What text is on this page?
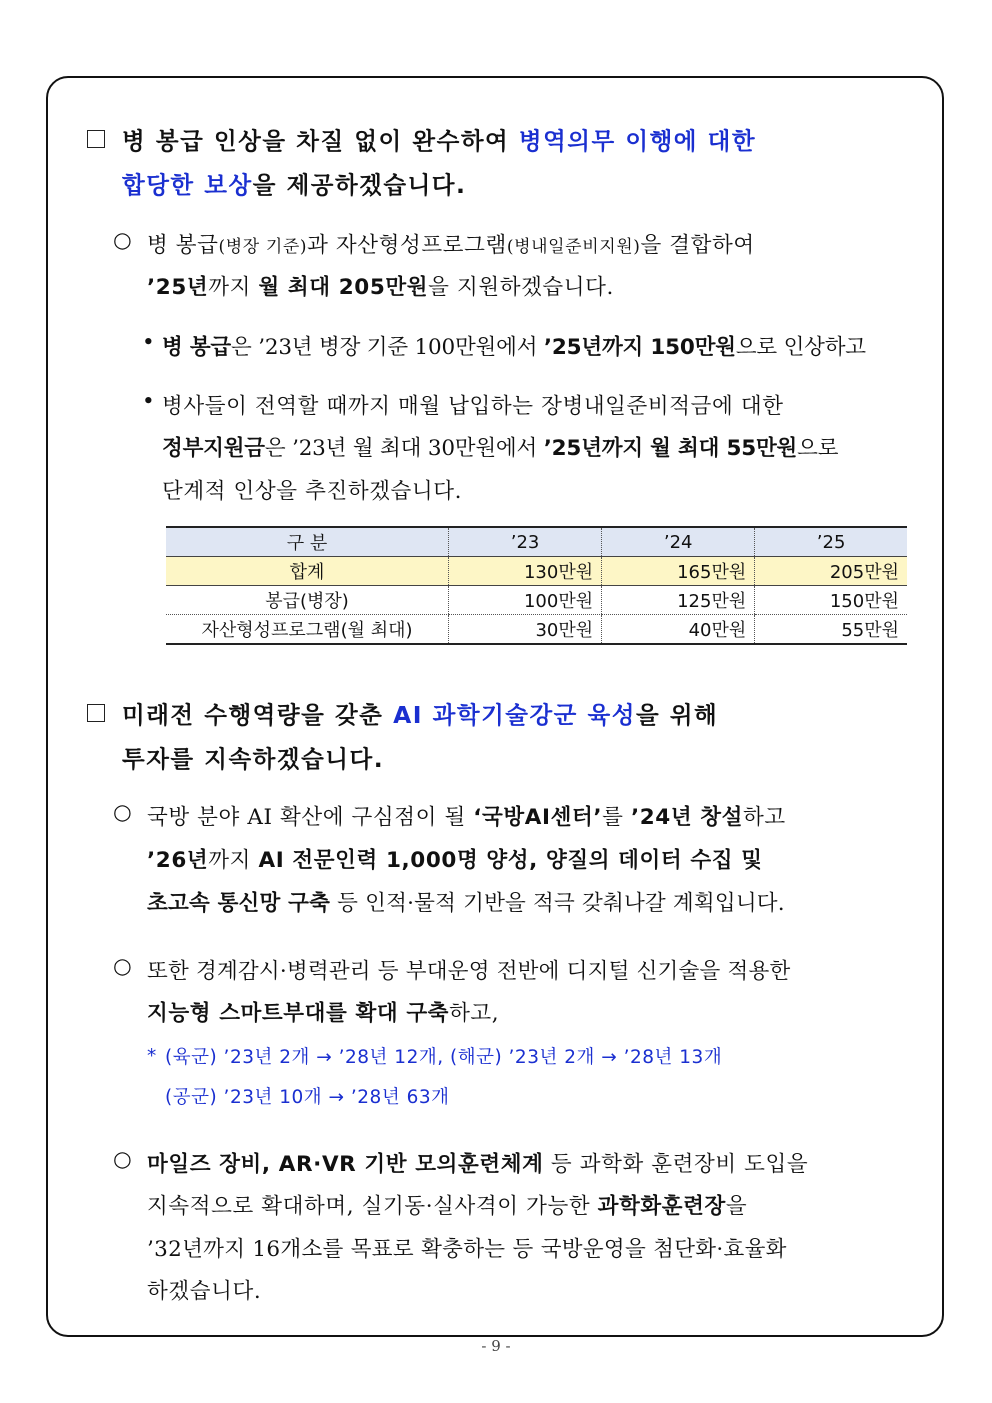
병 봉급 인상을 차질 없이 완수하여 병역의무 이행에 대한
합당한 보상을 제공하겠습니다.
○ 병 봉급(병장 기준)과 자산형성프로그램(병내일준비지원)을 결합하여
’25년까지 월 최대 205만원을 지원하겠습니다.
• 병 봉급은 ’23년 병장 기준 100만원에서 ’25년까지 150만원으로 인상하고
• 병사들이 전역할 때까지 매월 납입하는 장병내일준비적금에 대한
정부지원금은 ’23년 월 최대 30만원에서 ’25년까지 월 최대 55만원으로
단계적 인상을 추진하겠습니다.
구 분	’23	’24	’25
합계	130만원	165만원	205만원
봉급(병장)	100만원	125만원	150만원
자산형성프로그램(월 최대)	30만원	40만원	55만원
미래전 수행역량을 갖춘 AI 과학기술강군 육성을 위해
투자를 지속하겠습니다.
○ 국방 분야 AI 확산에 구심점이 될 ‘국방AI센터’를 ’24년 창설하고
’26년까지 AI 전문인력 1,000명 양성, 양질의 데이터 수집 및
초고속 통신망 구축 등 인적·물적 기반을 적극 갖춰나갈 계획입니다.
○ 또한 경계감시·병력관리 등 부대운영 전반에 디지털 신기술을 적용한
지능형 스마트부대를 확대 구축하고,
* (육군) ’23년 2개 → ’28년 12개, (해군) ’23년 2개 → ’28년 13개
(공군) ’23년 10개 → ’28년 63개
○ 마일즈 장비, AR·VR 기반 모의훈련체계 등 과학화 훈련장비 도입을
지속적으로 확대하며, 실기동·실사격이 가능한 과학화훈련장을
’32년까지 16개소를 목표로 확충하는 등 국방운영을 첨단화·효율화
하겠습니다.
- 9 -
